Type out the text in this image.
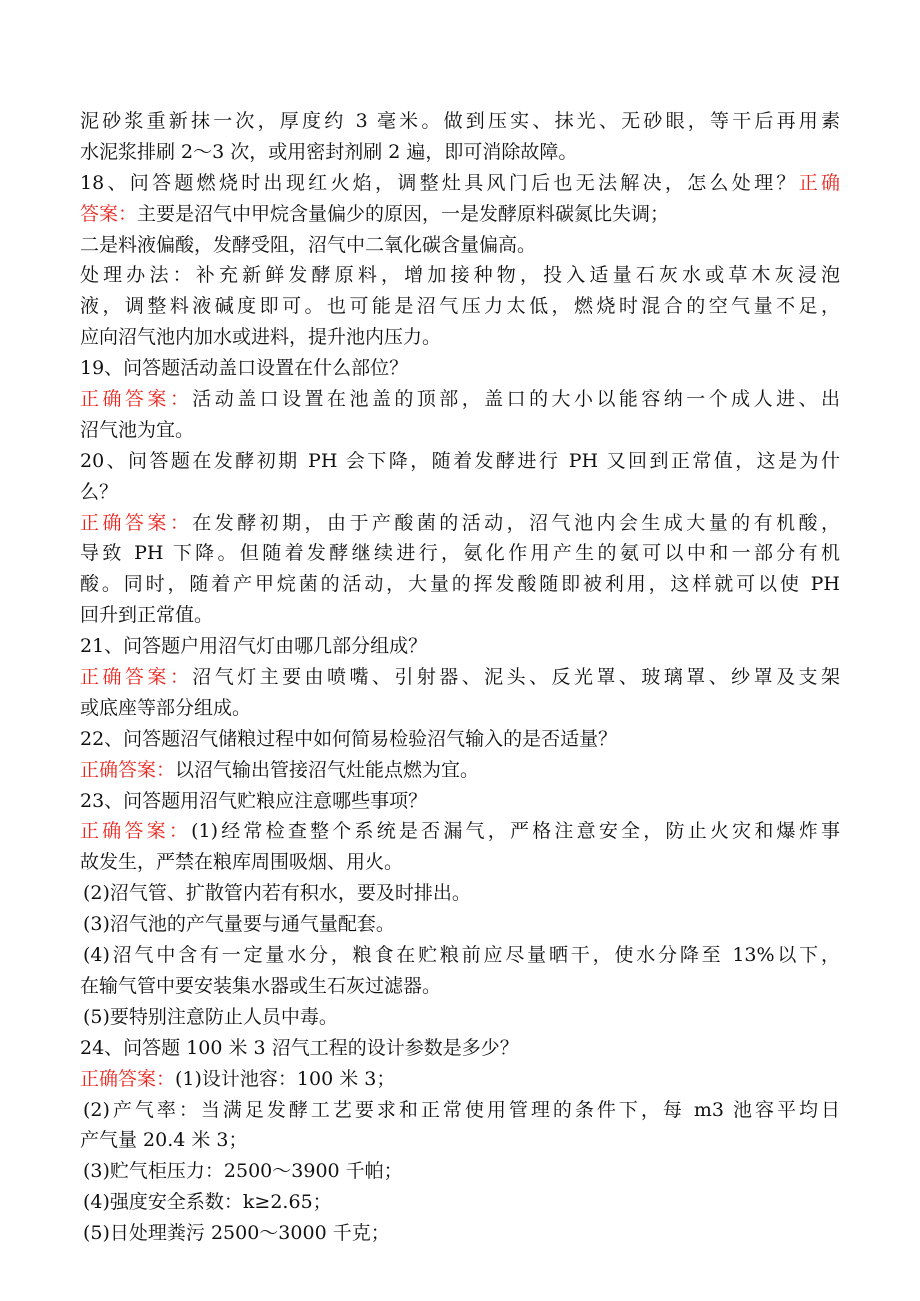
泥砂浆重新抹一次，厚度约 3 毫米。做到压实、抹光、无砂眼，等干后再用素
水泥浆排刷 2～3 次，或用密封剂刷 2 遍，即可消除故障。
18、问答题燃烧时出现红火焰，调整灶具风门后也无法解决，怎么处理？正确
答案：主要是沼气中甲烷含量偏少的原因，一是发酵原料碳氮比失调；
二是料液偏酸，发酵受阻，沼气中二氧化碳含量偏高。
处理办法：补充新鲜发酵原料，增加接种物，投入适量石灰水或草木灰浸泡
液，调整料液碱度即可。也可能是沼气压力太低，燃烧时混合的空气量不足，
应向沼气池内加水或进料，提升池内压力。
19、问答题活动盖口设置在什么部位？
正确答案：活动盖口设置在池盖的顶部，盖口的大小以能容纳一个成人进、出
沼气池为宜。
20、问答题在发酵初期 PH 会下降，随着发酵进行 PH 又回到正常值，这是为什
么？
正确答案：在发酵初期，由于产酸菌的活动，沼气池内会生成大量的有机酸，
导致 PH 下降。但随着发酵继续进行，氨化作用产生的氨可以中和一部分有机
酸。同时，随着产甲烷菌的活动，大量的挥发酸随即被利用，这样就可以使 PH
回升到正常值。
21、问答题户用沼气灯由哪几部分组成？
正确答案：沼气灯主要由喷嘴、引射器、泥头、反光罩、玻璃罩、纱罩及支架
或底座等部分组成。
22、问答题沼气储粮过程中如何简易检验沼气输入的是否适量？
正确答案：以沼气输出管接沼气灶能点燃为宜。
23、问答题用沼气贮粮应注意哪些事项？
正确答案：(1)经常检查整个系统是否漏气，严格注意安全，防止火灾和爆炸事
故发生，严禁在粮库周围吸烟、用火。
(2)沼气管、扩散管内若有积水，要及时排出。
(3)沼气池的产气量要与通气量配套。
(4)沼气中含有一定量水分，粮食在贮粮前应尽量晒干，使水分降至 13%以下，
在输气管中要安装集水器或生石灰过滤器。
(5)要特别注意防止人员中毒。
24、问答题 100 米 3 沼气工程的设计参数是多少？
正确答案：(1)设计池容：100 米 3；
(2)产气率：当满足发酵工艺要求和正常使用管理的条件下，每 m3 池容平均日
产气量 20.4 米 3；
(3)贮气柜压力：2500～3900 千帕；
(4)强度安全系数：k≥2.65；
(5)日处理粪污 2500～3000 千克；
